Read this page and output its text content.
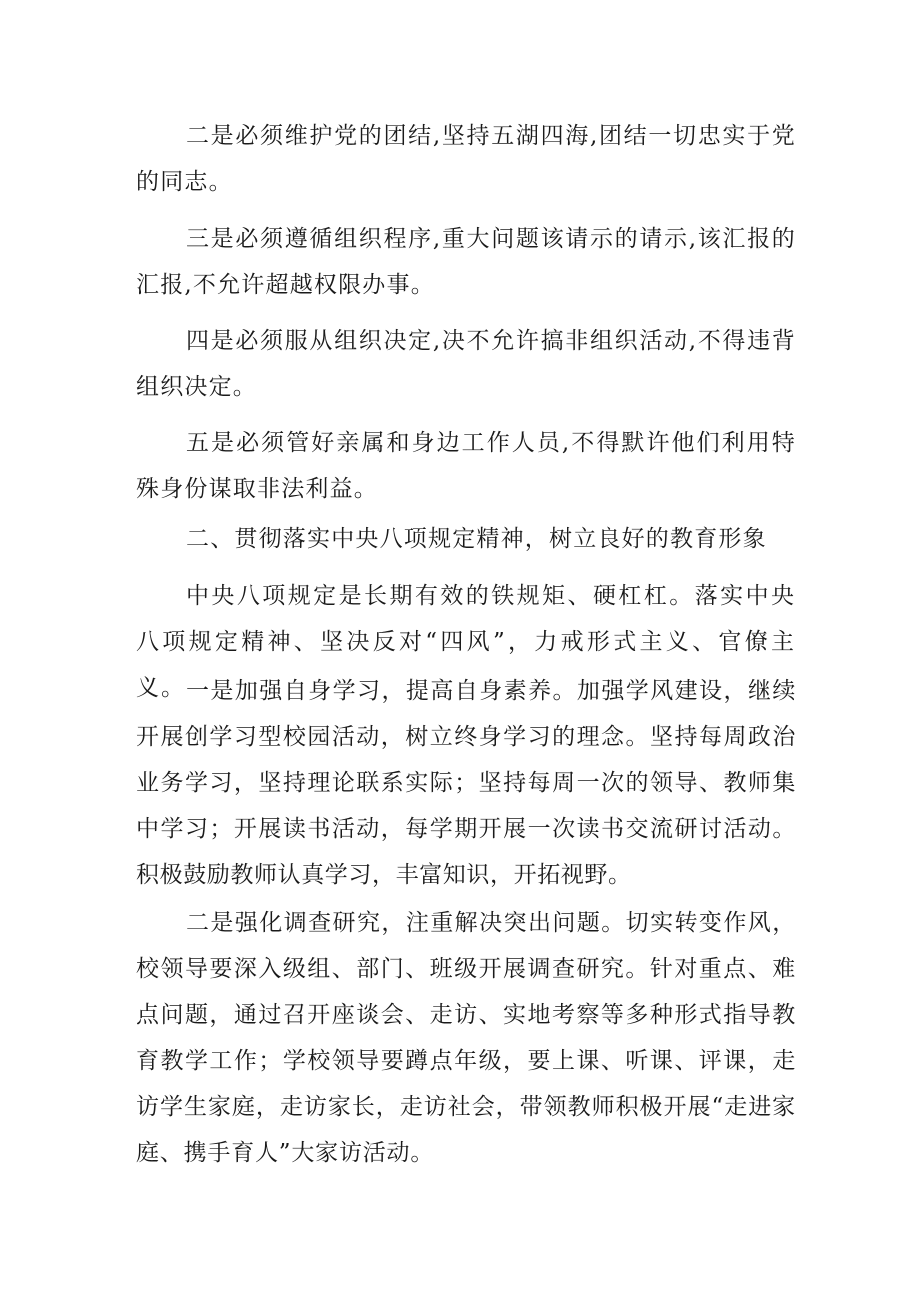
二是必须维护党的团结,坚持五湖四海,团结一切忠实于党的同志。

三是必须遵循组织程序,重大问题该请示的请示,该汇报的汇报,不允许超越权限办事。

四是必须服从组织决定,决不允许搞非组织活动,不得违背组织决定。

五是必须管好亲属和身边工作人员,不得默许他们利用特殊身份谋取非法利益。

二、贯彻落实中央八项规定精神，树立良好的教育形象

中央八项规定是长期有效的铁规矩、硬杠杠。落实中央八项规定精神、坚决反对“四风”，力戒形式主义、官僚主义。 一是加强自身学习，提高自身素养。加强学风建设，继续开展创学习型校园活动，树立终身学习的理念。坚持每周政治业务学习，坚持理论联系实际；坚持每周一次的领导、教师集中学习；开展读书活动，每学期开展一次读书交流研讨活动。积极鼓励教师认真学习，丰富知识，开拓视野。

二是强化调查研究，注重解决突出问题。切实转变作风，校领导要深入级组、部门、班级开展调查研究。针对重点、难点问题，通过召开座谈会、走访、实地考察等多种形式指导教育教学工作；学校领导要蹲点年级，要上课、听课、评课，走访学生家庭，走访家长，走访社会，带领教师积极开展“走进家庭、携手育人”大家访活动。
